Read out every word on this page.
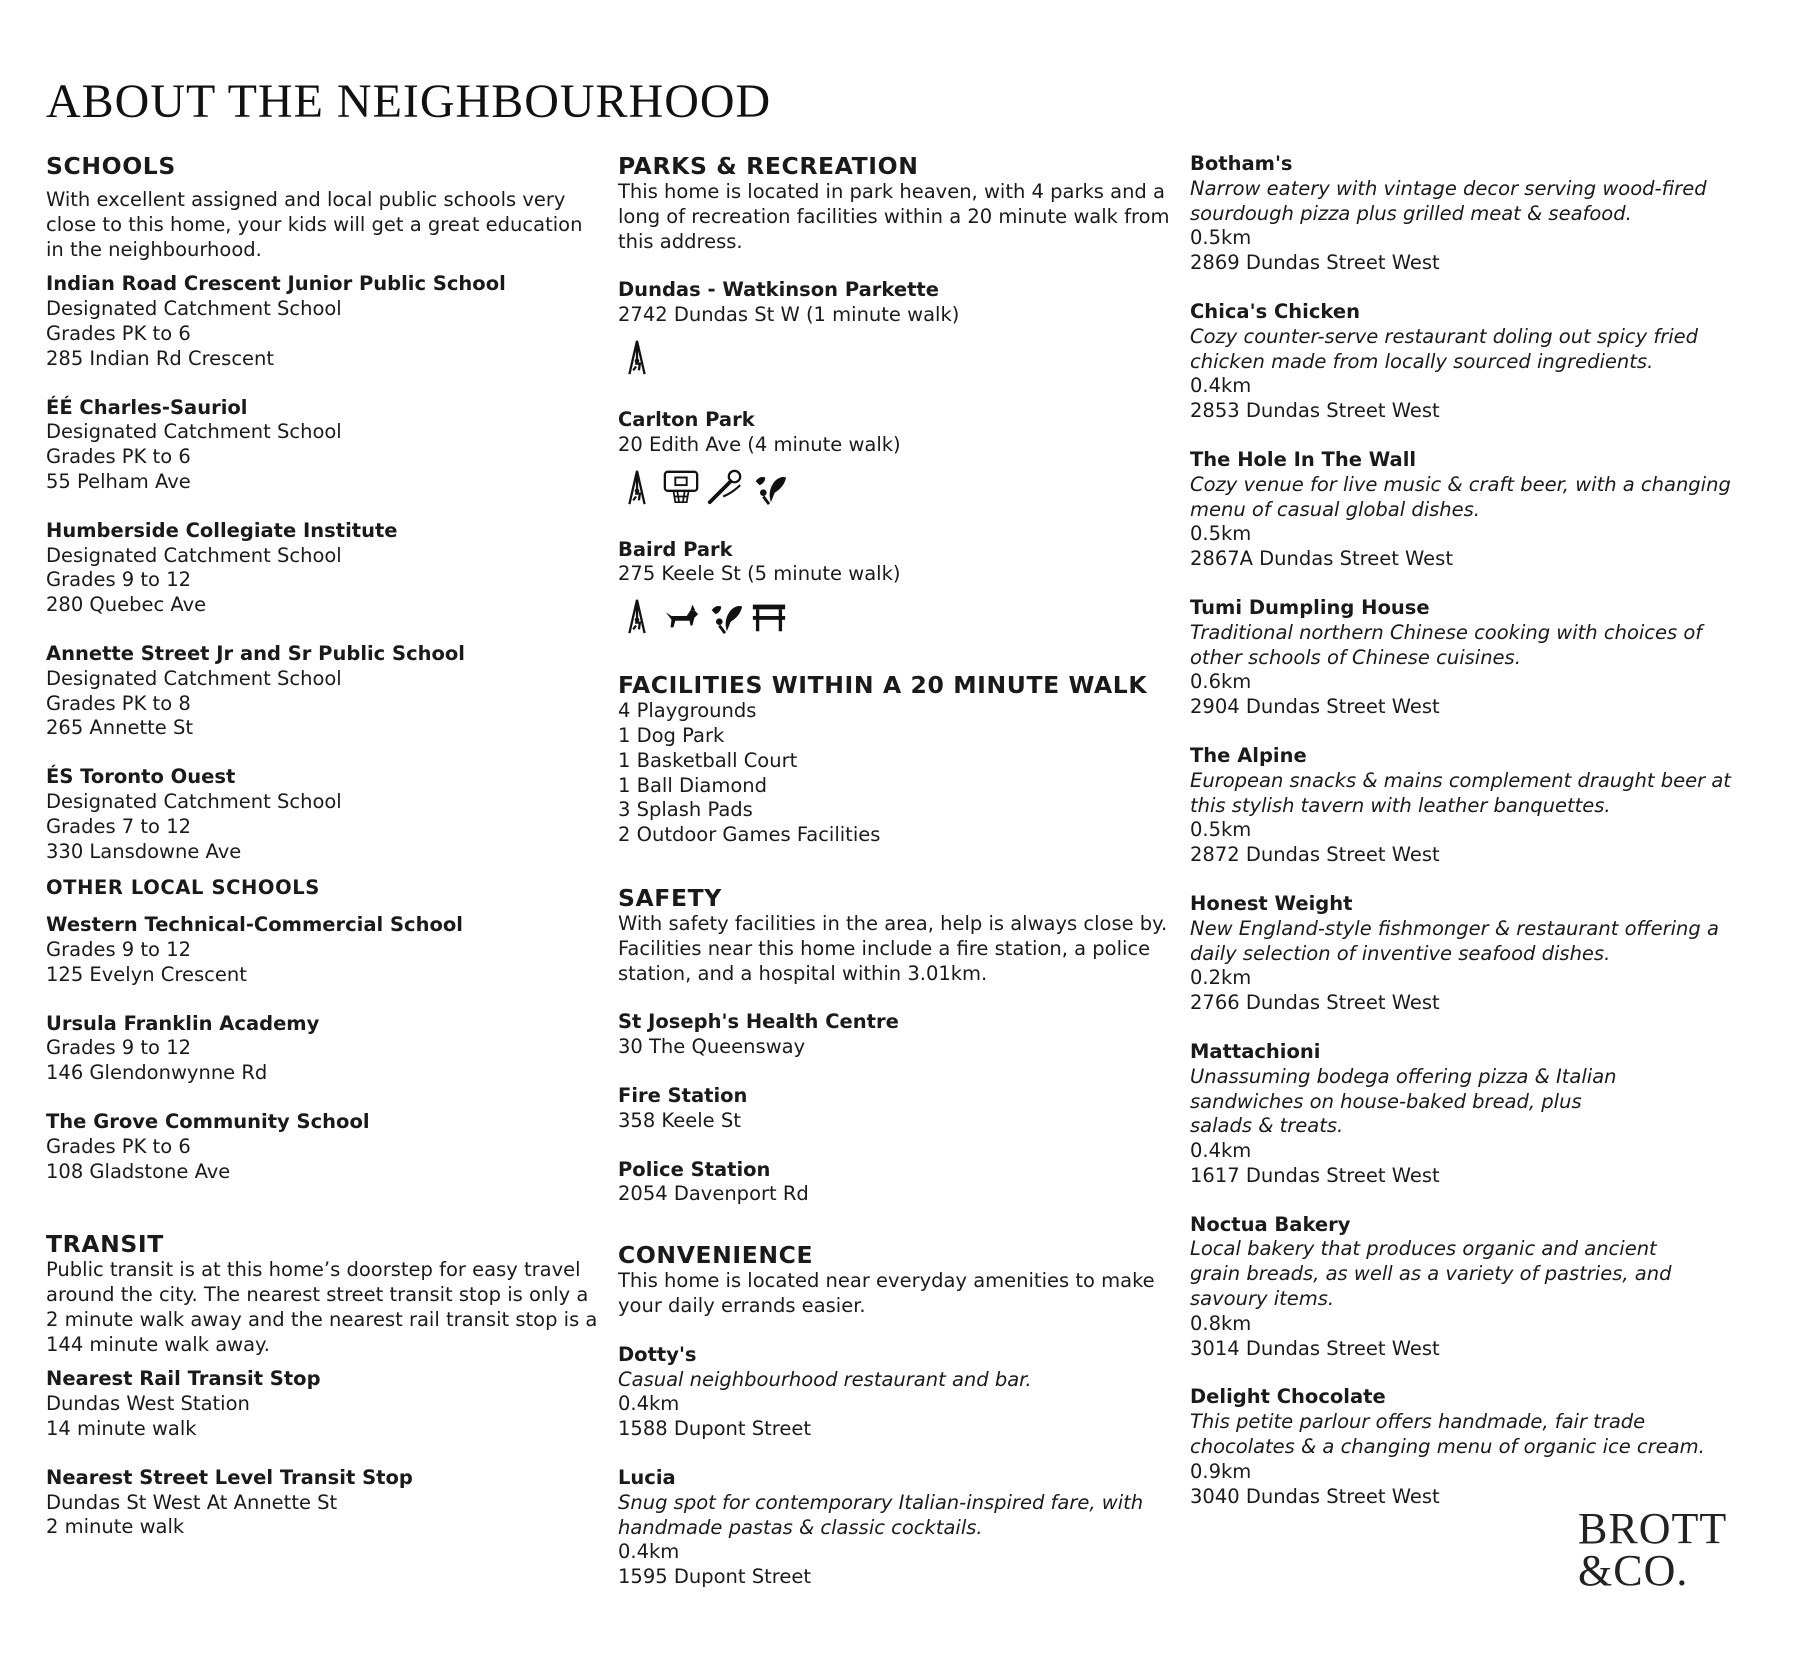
ABOUT THE NEIGHBOURHOOD
SCHOOLS

With excellent assigned and local public schools very close to this home, your kids will get a great education in the neighbourhood.

Indian Road Crescent Junior Public School
Designated Catchment School
Grades PK to 6
285 Indian Rd Crescent
ÉÉ Charles-Sauriol
Designated Catchment School
Grades PK to 6
55 Pelham Ave
Humberside Collegiate Institute
Designated Catchment School
Grades 9 to 12
280 Quebec Ave
Annette Street Jr and Sr Public School
Designated Catchment School
Grades PK to 8
265 Annette St
ÉS Toronto Ouest
Designated Catchment School
Grades 7 to 12
330 Lansdowne Ave
OTHER LOCAL SCHOOLS
Western Technical-Commercial School
Grades 9 to 12
125 Evelyn Crescent
Ursula Franklin Academy
Grades 9 to 12
146 Glendonwynne Rd
The Grove Community School
Grades PK to 6
108 Gladstone Ave
TRANSIT

Public transit is at this home’s doorstep for easy travel around the city. The nearest street transit stop is only a 2 minute walk away and the nearest rail transit stop is a 144 minute walk away.

Nearest Rail Transit Stop
Dundas West Station
14 minute walk
Nearest Street Level Transit Stop
Dundas St West At Annette St
2 minute walk
PARKS & RECREATION

This home is located in park heaven, with 4 parks and a long of recreation facilities within a 20 minute walk from this address.

Dundas - Watkinson Parkette
2742 Dundas St W (1 minute walk)
Carlton Park
20 Edith Ave (4 minute walk)
Baird Park
275 Keele St (5 minute walk)
FACILITIES WITHIN A 20 MINUTE WALK
4 Playgrounds
1 Dog Park
1 Basketball Court
1 Ball Diamond
3 Splash Pads
2 Outdoor Games Facilities
SAFETY

With safety facilities in the area, help is always close by. Facilities near this home include a fire station, a police station, and a hospital within 3.01km.

St Joseph's Health Centre
30 The Queensway
Fire Station
358 Keele St
Police Station
2054 Davenport Rd
CONVENIENCE

This home is located near everyday amenities to make your daily errands easier.

Dotty's
Casual neighbourhood restaurant and bar.
0.4km
1588 Dupont Street
Lucia
Snug spot for contemporary Italian-inspired fare, with handmade pastas & classic cocktails.
0.4km
1595 Dupont Street
Botham's
Narrow eatery with vintage decor serving wood-fired sourdough pizza plus grilled meat & seafood.
0.5km
2869 Dundas Street West
Chica's Chicken
Cozy counter-serve restaurant doling out spicy fried chicken made from locally sourced ingredients.
0.4km
2853 Dundas Street West
The Hole In The Wall
Cozy venue for live music & craft beer, with a changing menu of casual global dishes.
0.5km
2867A Dundas Street West
Tumi Dumpling House
Traditional northern Chinese cooking with choices of other schools of Chinese cuisines.
0.6km
2904 Dundas Street West
The Alpine
European snacks & mains complement draught beer at this stylish tavern with leather banquettes.
0.5km
2872 Dundas Street West
Honest Weight
New England-style fishmonger & restaurant offering a daily selection of inventive seafood dishes.
0.2km
2766 Dundas Street West
Mattachioni
Unassuming bodega offering pizza & Italian sandwiches on house-baked bread, plus salads & treats.
0.4km
1617 Dundas Street West
Noctua Bakery
Local bakery that produces organic and ancient grain breads, as well as a variety of pastries, and savoury items.
0.8km
3014 Dundas Street West
Delight Chocolate
This petite parlour offers handmade, fair trade chocolates & a changing menu of organic ice cream.
0.9km
3040 Dundas Street West
BROTT
&CO.
